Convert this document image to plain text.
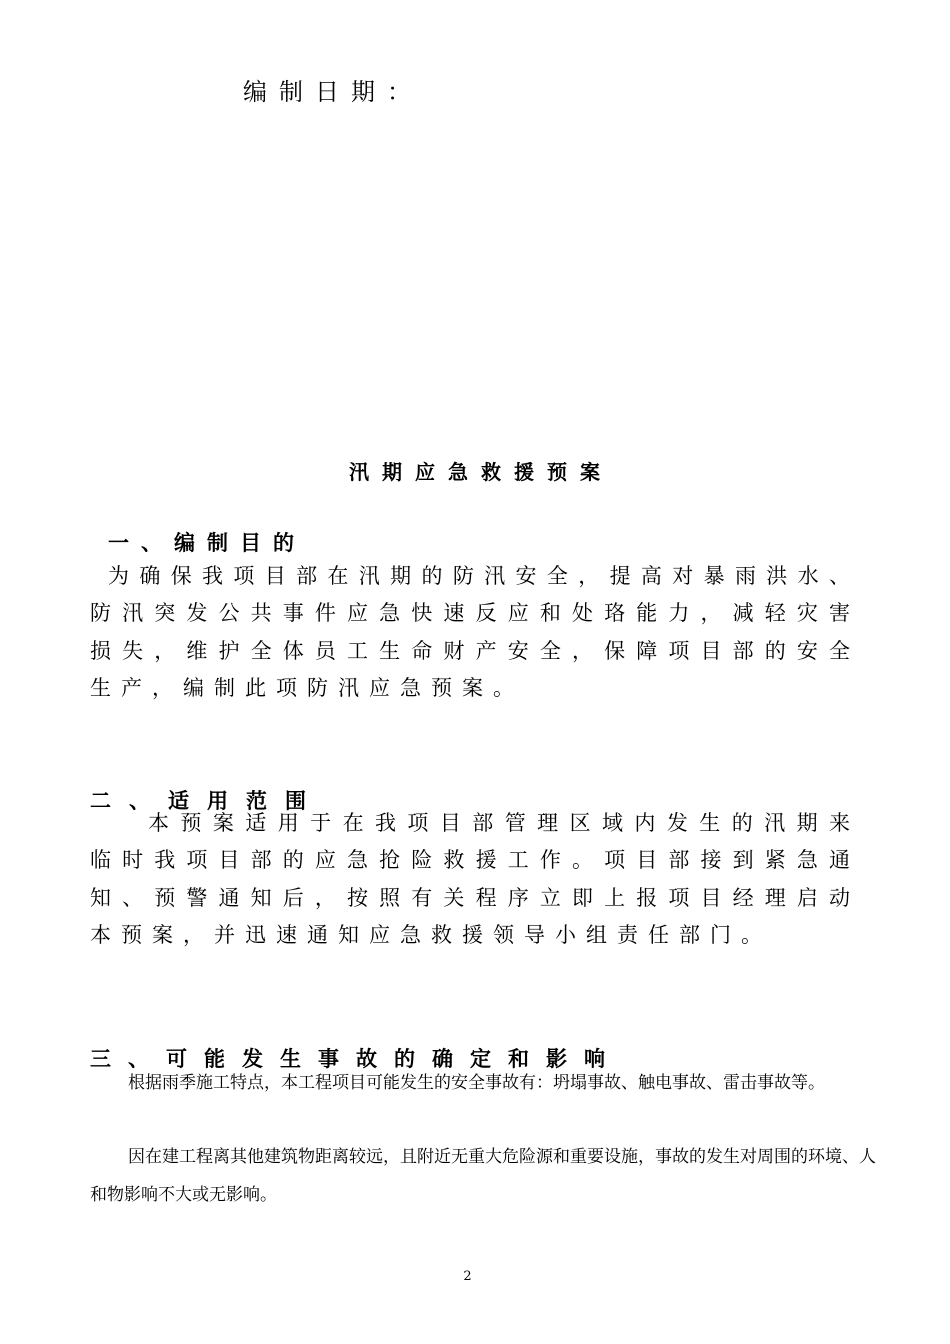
编制日期：
汛期应急救援预案
一、编制目的

为确保我项目部在汛期的防汛安全，提高对暴雨洪水、防汛突发公共事件应急快速反应和处珞能力，减轻灾害损失，维护全体员工生命财产安全，保障项目部的安全生产，编制此项防汛应急预案。

二、适用范围

本预案适用于在我项目部管理区域内发生的汛期来临时我项目部的应急抢险救援工作。项目部接到紧急通知、预警通知后，按照有关程序立即上报项目经理启动本预案，并迅速通知应急救援领导小组责任部门。

三、可能发生事故的确定和影响

根据雨季施工特点，本工程项目可能发生的安全事故有：坍塌事故、触电事故、雷击事故等。

因在建工程离其他建筑物距离较远，且附近无重大危险源和重要设施，事故的发生对周围的环境、人和物影响不大或无影响。

2
